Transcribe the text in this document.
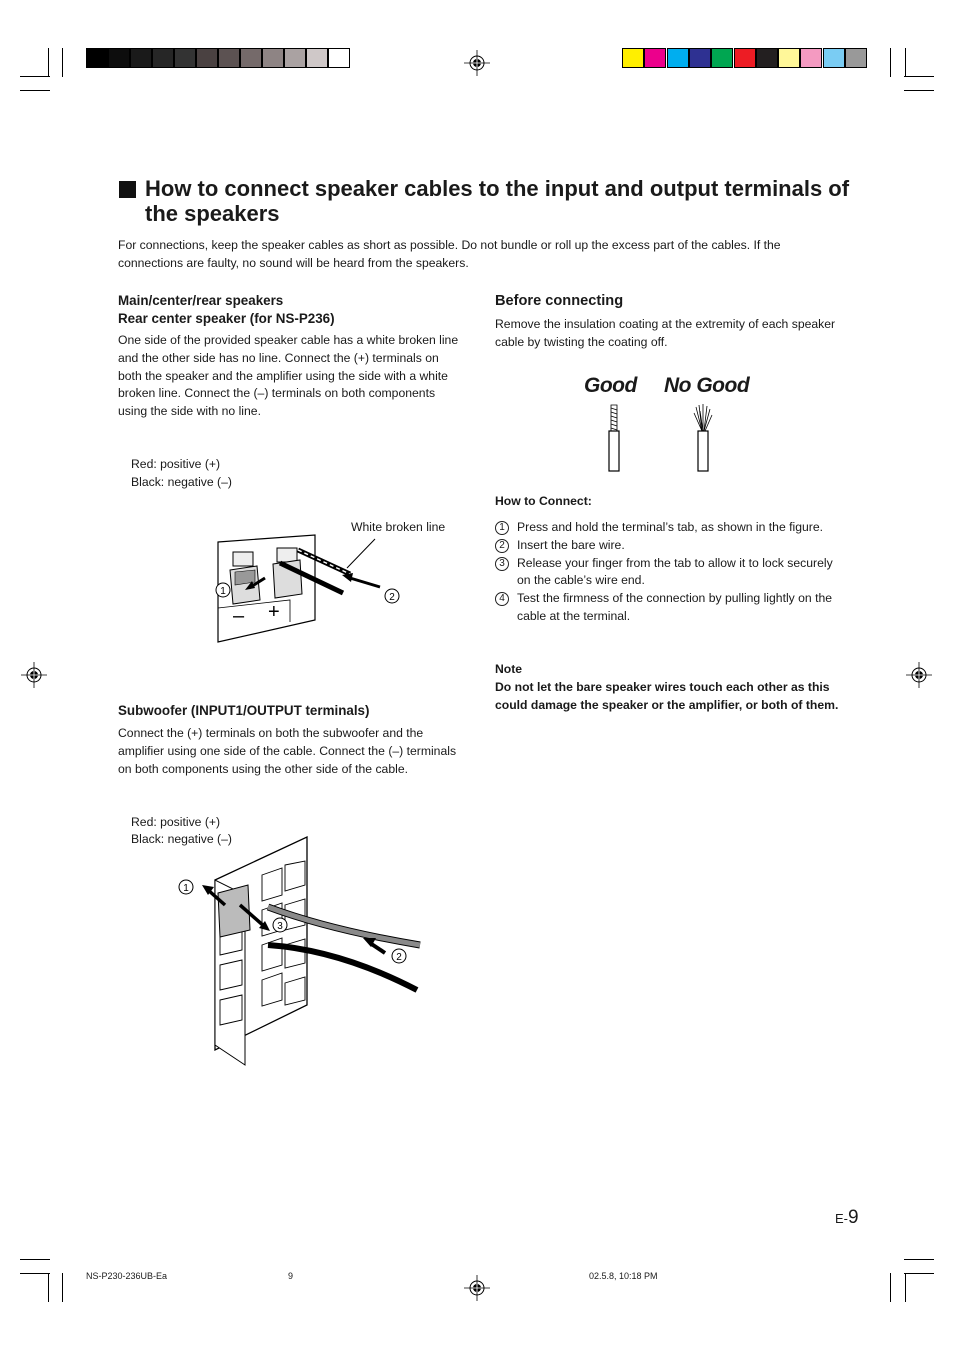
How to connect speaker cables to the input and output terminals of the speakers

For connections, keep the speaker cables as short as possible. Do not bundle or roll up the excess part of the cables. If the connections are faulty, no sound will be heard from the speakers.

Main/center/rear speakers

Rear center speaker (for NS-P236)

One side of the provided speaker cable has a white broken line and the other side has no line. Connect the (+) terminals on both the speaker and the amplifier using the side with a white broken line. Connect the (–) terminals on both components using the side with no line.

Red: positive (+)

Black: negative (–)

White broken line

– +
1
2

Subwoofer (INPUT1/OUTPUT terminals)

Connect the (+) terminals on both the subwoofer and the amplifier using one side of the cable. Connect the (–) terminals on both components using the other side of the cable.

Red: positive (+)

Black: negative (–)

1
2
3

Before connecting

Remove the insulation coating at the extremity of each speaker cable by twisting the coating off.

Good No Good

How to Connect:

1	Press and hold the terminal’s tab, as shown in the figure.
2	Insert the bare wire.
3	Release your finger from the tab to allow it to lock securely on the cable’s wire end.
4	Test the firmness of the connection by pulling lightly on the cable at the terminal.

Note

Do not let the bare speaker wires touch each other as this could damage the speaker or the amplifier, or both of them.

E-9
NS-P230-236UB-Ea	9	02.5.8, 10:18 PM
